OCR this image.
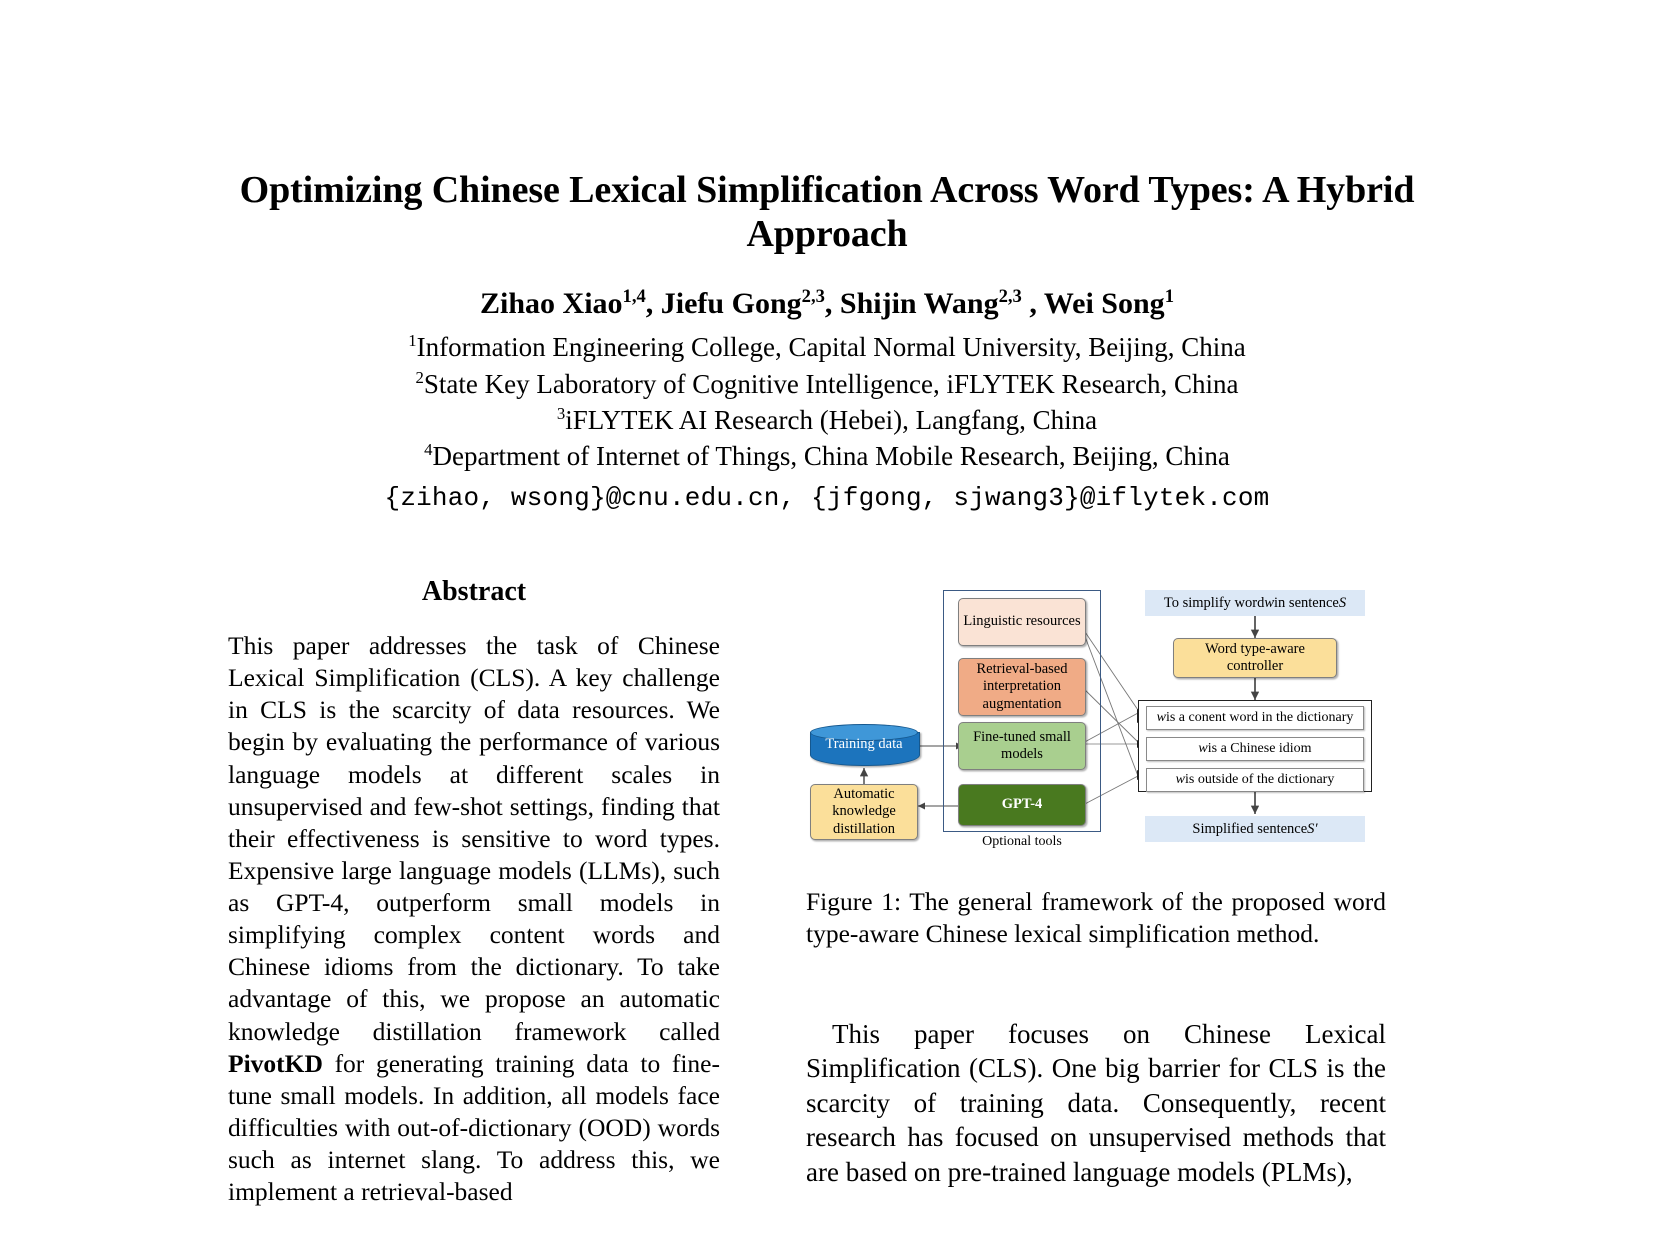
Optimizing Chinese Lexical Simplification Across Word Types: A Hybrid Approach
Zihao Xiao$^{1,4}$, Jiefu Gong$^{2,3}$, Shijin Wang$^{2,3}$ , Wei Song$^1$
$^1$Information Engineering College, Capital Normal University, Beijing, China
$^2$State Key Laboratory of Cognitive Intelligence, iFLYTEK Research, China
$^3$iFLYTEK AI Research (Hebei), Langfang, China
$^4$Department of Internet of Things, China Mobile Research, Beijing, China
{zihao, wsong}@cnu.edu.cn, {jfgong, sjwang3}@iflytek.com
Abstract

This paper addresses the task of Chinese Lexical Simplification (CLS). A key challenge in CLS is the scarcity of data resources. We begin by evaluating the performance of various language models at different scales in unsupervised and few-shot settings, finding that their effectiveness is sensitive to word types. Expensive large language models (LLMs), such as GPT-4, outperform small models in simplifying complex content words and Chinese idioms from the dictionary. To take advantage of this, we propose an automatic knowledge distillation framework called PivotKD for generating training data to fine-tune small models. In addition, all models face difficulties with out-of-dictionary (OOD) words such as internet slang. To address this, we implement a retrieval-based

Linguistic resources
Retrieval-based interpretation augmentation
Fine-tuned small models
GPT-4
Training data
Automatic knowledge distillation
Optional tools
To simplify word w in sentence S
Word type-aware controller
w is a conent word in the dictionary
w is a Chinese idiom
w is outside of the dictionary
Simplified sentence S′

Figure 1: The general framework of the proposed word type-aware Chinese lexical simplification method.

This paper focuses on Chinese Lexical Simplification (CLS). One big barrier for CLS is the scarcity of training data. Consequently, recent research has focused on unsupervised methods that are based on pre-trained language models (PLMs),
